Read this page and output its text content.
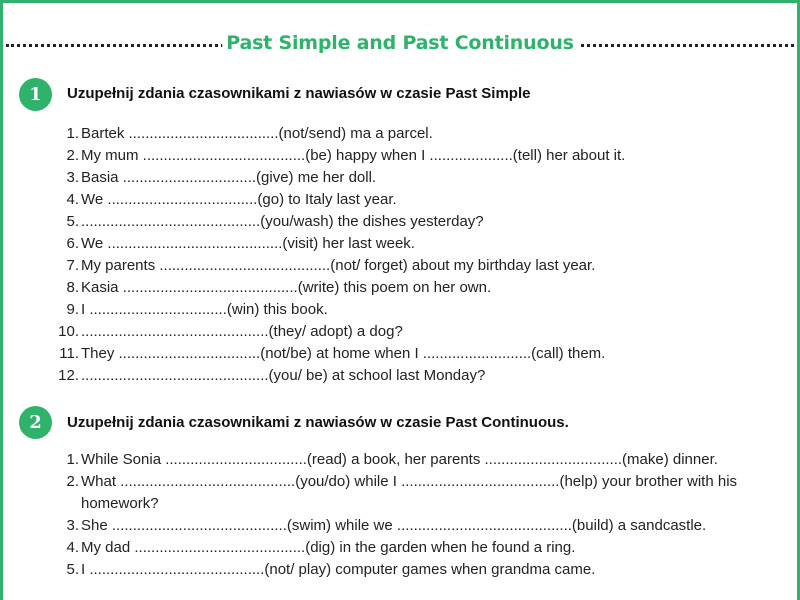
Past Simple and Past Continuous
1	Uzupełnij zdania czasownikami z nawiasów w czasie Past Simple
1. Bartek ....................................(not/send) ma a parcel.
2. My mum .......................................(be) happy when I ....................(tell) her about it.
3. Basia ................................(give) me her doll.
4. We ....................................(go) to Italy last year.
5. ...........................................(you/wash) the dishes yesterday?
6. We ..........................................(visit) her last week.
7. My parents .........................................(not/ forget) about my birthday last year.
8. Kasia ..........................................(write) this poem on her own.
9. I .................................(win) this book.
10. .............................................(they/ adopt) a dog?
11. They ..................................(not/be) at home when I ..........................(call) them.
12. .............................................(you/ be) at school last Monday?
2	Uzupełnij zdania czasownikami z nawiasów w czasie Past Continuous.
1. While Sonia ..................................(read) a book, her parents .................................(make) dinner.
2. What ..........................................(you/do) while I ......................................(help) your brother with his homework?
3. She ..........................................(swim) while we ..........................................(build) a sandcastle.
4. My dad .........................................(dig) in the garden when he found a ring.
5. I ..........................................(not/ play) computer games when grandma came.
